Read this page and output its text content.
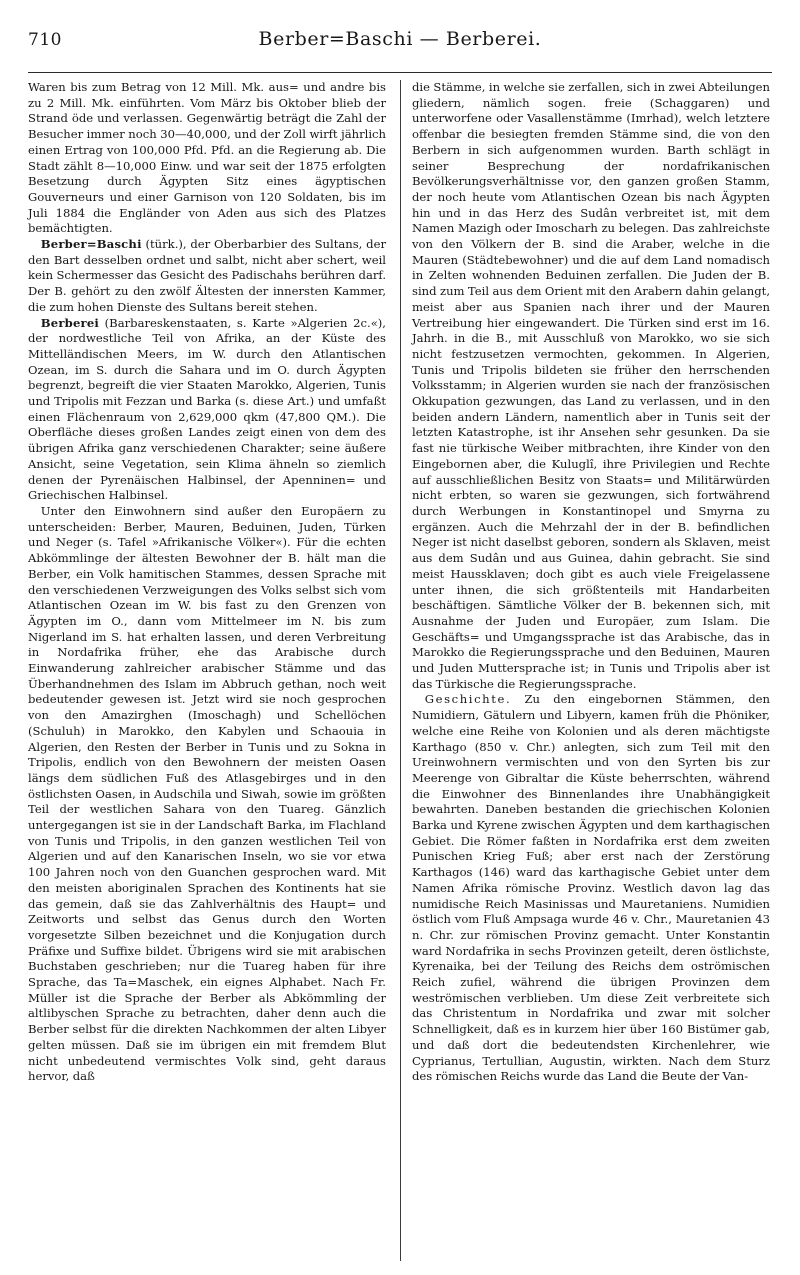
710	Berber=Baschi — Berberei.

Waren bis zum Betrag von 12 Mill. Mk. aus= und andre bis zu 2 Mill. Mk. einführten. Vom März bis Oktober blieb der Strand öde und verlassen. Gegenwärtig beträgt die Zahl der Besucher immer noch 30—40,000, und der Zoll wirft jährlich einen Ertrag von 100,000 Pfd. Pfd. an die Regierung ab. Die Stadt zählt 8—10,000 Einw. und war seit der 1875 erfolgten Besetzung durch Ägypten Sitz eines ägyptischen Gouverneurs und einer Garnison von 120 Soldaten, bis im Juli 1884 die Engländer von Aden aus sich des Platzes bemächtigten.

Berber=Baschi (türk.), der Oberbarbier des Sultans, der den Bart desselben ordnet und salbt, nicht aber schert, weil kein Schermesser das Gesicht des Padischahs berühren darf. Der B. gehört zu den zwölf Ältesten der innersten Kammer, die zum hohen Dienste des Sultans bereit stehen.

Berberei (Barbareskenstaaten, s. Karte »Algerien 2c.«), der nordwestliche Teil von Afrika, an der Küste des Mittelländischen Meers, im W. durch den Atlantischen Ozean, im S. durch die Sahara und im O. durch Ägypten begrenzt, begreift die vier Staaten Marokko, Algerien, Tunis und Tripolis mit Fezzan und Barka (s. diese Art.) und umfaßt einen Flächenraum von 2,629,000 qkm (47,800 QM.). Die Oberfläche dieses großen Landes zeigt einen von dem des übrigen Afrika ganz verschiedenen Charakter; seine äußere Ansicht, seine Vegetation, sein Klima ähneln so ziemlich denen der Pyrenäischen Halbinsel, der Apenninen= und Griechischen Halbinsel.

Unter den Einwohnern sind außer den Europäern zu unterscheiden: Berber, Mauren, Beduinen, Juden, Türken und Neger (s. Tafel »Afrikanische Völker«). Für die echten Abkömmlinge der ältesten Bewohner der B. hält man die Berber, ein Volk hamitischen Stammes, dessen Sprache mit den verschiedenen Verzweigungen des Volks selbst sich vom Atlantischen Ozean im W. bis fast zu den Grenzen von Ägypten im O., dann vom Mittelmeer im N. bis zum Nigerland im S. hat erhalten lassen, und deren Verbreitung in Nordafrika früher, ehe das Arabische durch Einwanderung zahlreicher arabischer Stämme und das Überhandnehmen des Islam im Abbruch gethan, noch weit bedeutender gewesen ist. Jetzt wird sie noch gesprochen von den Amazirghen (Imoschagh) und Schellöchen (Schuluh) in Marokko, den Kabylen und Schaouia in Algerien, den Resten der Berber in Tunis und zu Sokna in Tripolis, endlich von den Bewohnern der meisten Oasen längs dem südlichen Fuß des Atlasgebirges und in den östlichsten Oasen, in Audschila und Siwah, sowie im größten Teil der westlichen Sahara von den Tuareg. Gänzlich untergegangen ist sie in der Landschaft Barka, im Flachland von Tunis und Tripolis, in den ganzen westlichen Teil von Algerien und auf den Kanarischen Inseln, wo sie vor etwa 100 Jahren noch von den Guanchen gesprochen ward. Mit den meisten aboriginalen Sprachen des Kontinents hat sie das gemein, daß sie das Zahlverhältnis des Haupt= und Zeitworts und selbst das Genus durch den Worten vorgesetzte Silben bezeichnet und die Konjugation durch Präfixe und Suffixe bildet. Übrigens wird sie mit arabischen Buchstaben geschrieben; nur die Tuareg haben für ihre Sprache, das Ta=Maschek, ein eignes Alphabet. Nach Fr. Müller ist die Sprache der Berber als Abkömmling der altlibyschen Sprache zu betrachten, daher denn auch die Berber selbst für die direkten Nachkommen der alten Libyer gelten müssen. Daß sie im übrigen ein mit fremdem Blut nicht unbedeutend vermischtes Volk sind, geht daraus hervor, daß

die Stämme, in welche sie zerfallen, sich in zwei Abteilungen gliedern, nämlich sogen. freie (Schaggaren) und unterworfene oder Vasallenstämme (Imrhad), welch letztere offenbar die besiegten fremden Stämme sind, die von den Berbern in sich aufgenommen wurden. Barth schlägt in seiner Besprechung der nordafrikanischen Bevölkerungsverhältnisse vor, den ganzen großen Stamm, der noch heute vom Atlantischen Ozean bis nach Ägypten hin und in das Herz des Sudân verbreitet ist, mit dem Namen Mazigh oder Imoscharh zu belegen. Das zahlreichste von den Völkern der B. sind die Araber, welche in die Mauren (Städtebewohner) und die auf dem Land nomadisch in Zelten wohnenden Beduinen zerfallen. Die Juden der B. sind zum Teil aus dem Orient mit den Arabern dahin gelangt, meist aber aus Spanien nach ihrer und der Mauren Vertreibung hier eingewandert. Die Türken sind erst im 16. Jahrh. in die B., mit Ausschluß von Marokko, wo sie sich nicht festzusetzen vermochten, gekommen. In Algerien, Tunis und Tripolis bildeten sie früher den herrschenden Volksstamm; in Algerien wurden sie nach der französischen Okkupation gezwungen, das Land zu verlassen, und in den beiden andern Ländern, namentlich aber in Tunis seit der letzten Katastrophe, ist ihr Ansehen sehr gesunken. Da sie fast nie türkische Weiber mitbrachten, ihre Kinder von den Eingebornen aber, die Kuluglî, ihre Privilegien und Rechte auf ausschließlichen Besitz von Staats= und Militärwürden nicht erbten, so waren sie gezwungen, sich fortwährend durch Werbungen in Konstantinopel und Smyrna zu ergänzen. Auch die Mehrzahl der in der B. befindlichen Neger ist nicht daselbst geboren, sondern als Sklaven, meist aus dem Sudân und aus Guinea, dahin gebracht. Sie sind meist Haussklaven; doch gibt es auch viele Freigelassene unter ihnen, die sich größtenteils mit Handarbeiten beschäftigen. Sämtliche Völker der B. bekennen sich, mit Ausnahme der Juden und Europäer, zum Islam. Die Geschäfts= und Umgangssprache ist das Arabische, das in Marokko die Regierungssprache und den Beduinen, Mauren und Juden Muttersprache ist; in Tunis und Tripolis aber ist das Türkische die Regierungssprache.

Geschichte. Zu den eingebornen Stämmen, den Numidiern, Gätulern und Libyern, kamen früh die Phöniker, welche eine Reihe von Kolonien und als deren mächtigste Karthago (850 v. Chr.) anlegten, sich zum Teil mit den Ureinwohnern vermischten und von den Syrten bis zur Meerenge von Gibraltar die Küste beherrschten, während die Einwohner des Binnenlandes ihre Unabhängigkeit bewahrten. Daneben bestanden die griechischen Kolonien Barka und Kyrene zwischen Ägypten und dem karthagischen Gebiet. Die Römer faßten in Nordafrika erst dem zweiten Punischen Krieg Fuß; aber erst nach der Zerstörung Karthagos (146) ward das karthagische Gebiet unter dem Namen Afrika römische Provinz. Westlich davon lag das numidische Reich Masinissas und Mauretaniens. Numidien östlich vom Fluß Ampsaga wurde 46 v. Chr., Mauretanien 43 n. Chr. zur römischen Provinz gemacht. Unter Konstantin ward Nordafrika in sechs Provinzen geteilt, deren östlichste, Kyrenaika, bei der Teilung des Reichs dem oströmischen Reich zufiel, während die übrigen Provinzen dem weströmischen verblieben. Um diese Zeit verbreitete sich das Christentum in Nordafrika und zwar mit solcher Schnelligkeit, daß es in kurzem hier über 160 Bistümer gab, und daß dort die bedeutendsten Kirchenlehrer, wie Cyprianus, Tertullian, Augustin, wirkten. Nach dem Sturz des römischen Reichs wurde das Land die Beute der Van-
